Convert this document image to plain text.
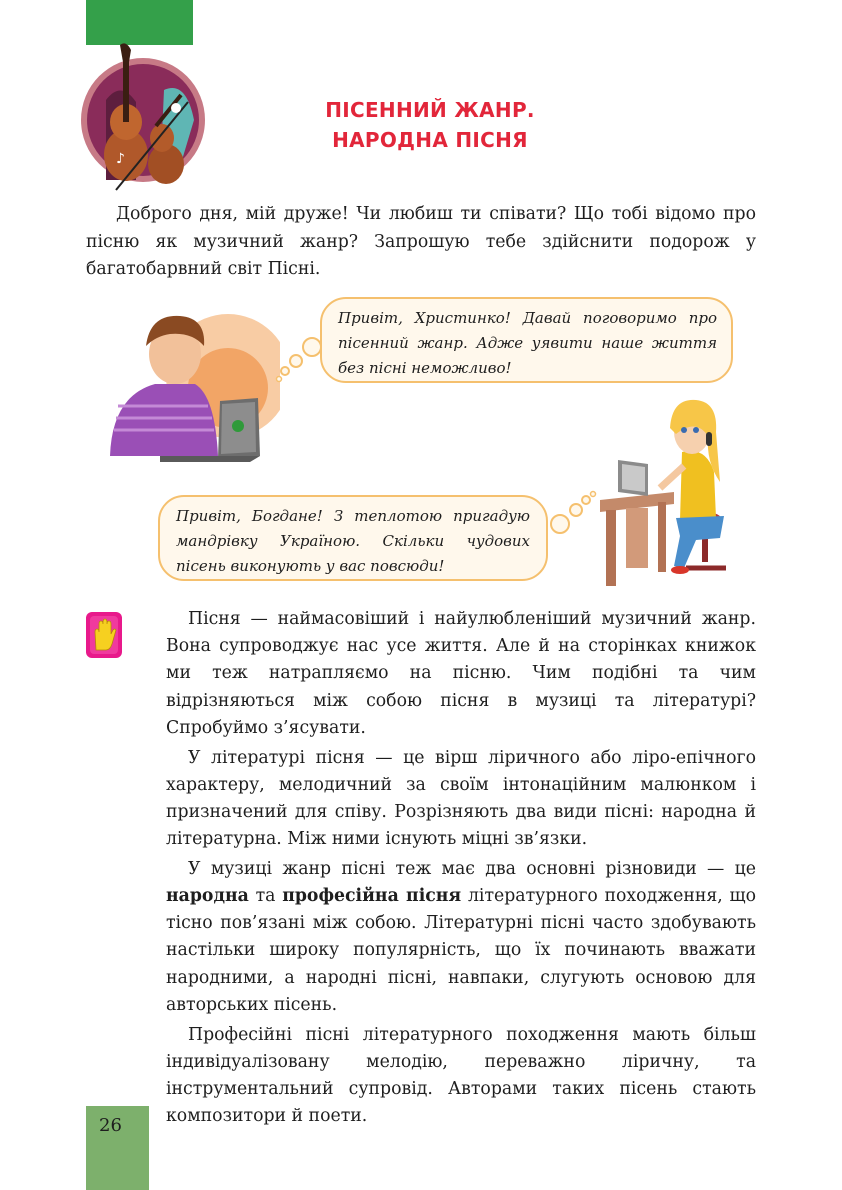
♪
ПІСЕННИЙ ЖАНР.
НАРОДНА ПІСНЯ

Доброго дня, мій друже! Чи любиш ти співати? Що тобі відомо про пісню як музичний жанр? Запрошую тебе здійснити подорож у багатобарвний світ Пісні.

Привіт, Христинко! Давай поговоримо про пісенний жанр. Адже уявити наше життя без пісні неможливо!
Привіт, Богдане! З теплотою пригадую мандрівку Україною. Скільки чудових пісень виконують у вас повсюди!

Пісня — наймасовіший і найулюбленіший музичний жанр. Вона супроводжує нас усе життя. Але й на сторінках книжок ми теж натрапляємо на пісню. Чим подібні та чим відрізняються між собою пісня в музиці та літературі? Спробуймо з’ясувати.

У літературі пісня — це вірш ліричного або ліро-епічного характеру, мелодичний за своїм інтонаційним малюнком і призначений для співу. Розрізняють два види пісні: народна й літературна. Між ними існують міцні зв’язки.

У музиці жанр пісні теж має два основні різновиди — це народна та професійна пісня літературного походження, що тісно пов’язані між собою. Літературні пісні часто здобувають настільки широку популярність, що їх починають вважати народними, а народні пісні, навпаки, слугують основою для авторських пісень.

Професійні пісні літературного походження мають більш індивідуалізовану мелодію, переважно ліричну, та інструментальний супровід. Авторами таких пісень стають композитори й поети.

26
